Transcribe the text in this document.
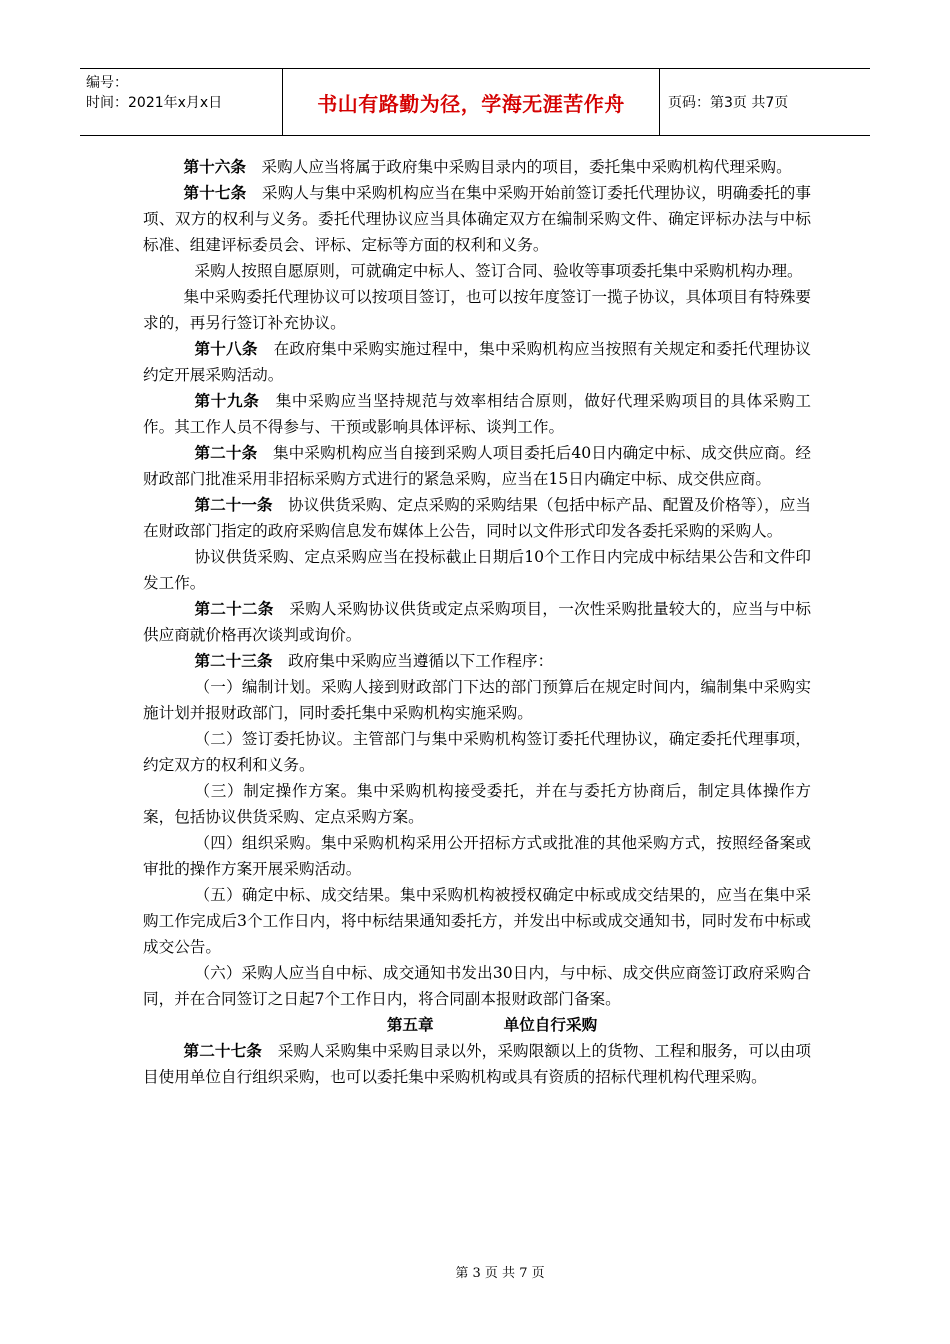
编号：
时间：2021年x月x日	书山有路勤为径，学海无涯苦作舟	页码：第3页 共7页

第十六条　 采购人应当将属于政府集中采购目录内的项目，委托集中采购机构代理采购。

第十七条　 采购人与集中采购机构应当在集中采购开始前签订委托代理协议，明确委托的事项、双方的权利与义务。委托代理协议应当具体确定双方在编制采购文件、确定评标办法与中标标准、组建评标委员会、评标、定标等方面的权利和义务。

采购人按照自愿原则，可就确定中标人、签订合同、验收等事项委托集中采购机构办理。

集中采购委托代理协议可以按项目签订，也可以按年度签订一揽子协议，具体项目有特殊要求的，再另行签订补充协议。

第十八条　 在政府集中采购实施过程中，集中采购机构应当按照有关规定和委托代理协议约定开展采购活动。

第十九条　 集中采购应当坚持规范与效率相结合原则，做好代理采购项目的具体采购工作。其工作人员不得参与、干预或影响具体评标、谈判工作。

第二十条　 集中采购机构应当自接到采购人项目委托后40日内确定中标、成交供应商。经财政部门批准采用非招标采购方式进行的紧急采购，应当在15日内确定中标、成交供应商。

第二十一条　 协议供货采购、定点采购的采购结果（包括中标产品、配置及价格等），应当在财政部门指定的政府采购信息发布媒体上公告，同时以文件形式印发各委托采购的采购人。

协议供货采购、定点采购应当在投标截止日期后10个工作日内完成中标结果公告和文件印发工作。

第二十二条　 采购人采购协议供货或定点采购项目，一次性采购批量较大的，应当与中标供应商就价格再次谈判或询价。

第二十三条　 政府集中采购应当遵循以下工作程序：

（一）编制计划。采购人接到财政部门下达的部门预算后在规定时间内，编制集中采购实施计划并报财政部门，同时委托集中采购机构实施采购。

（二）签订委托协议。主管部门与集中采购机构签订委托代理协议，确定委托代理事项，约定双方的权利和义务。

（三）制定操作方案。集中采购机构接受委托，并在与委托方协商后，制定具体操作方案，包括协议供货采购、定点采购方案。

（四）组织采购。集中采购机构采用公开招标方式或批准的其他采购方式，按照经备案或审批的操作方案开展采购活动。

（五）确定中标、成交结果。集中采购机构被授权确定中标或成交结果的，应当在集中采购工作完成后3个工作日内，将中标结果通知委托方，并发出中标或成交通知书，同时发布中标或成交公告。

（六）采购人应当自中标、成交通知书发出30日内，与中标、成交供应商签订政府采购合同，并在合同签订之日起7个工作日内，将合同副本报财政部门备案。

第五章	单位自行采购

第二十七条　 采购人采购集中采购目录以外，采购限额以上的货物、工程和服务，可以由项目使用单位自行组织采购，也可以委托集中采购机构或具有资质的招标代理机构代理采购。

第 3 页 共 7 页
